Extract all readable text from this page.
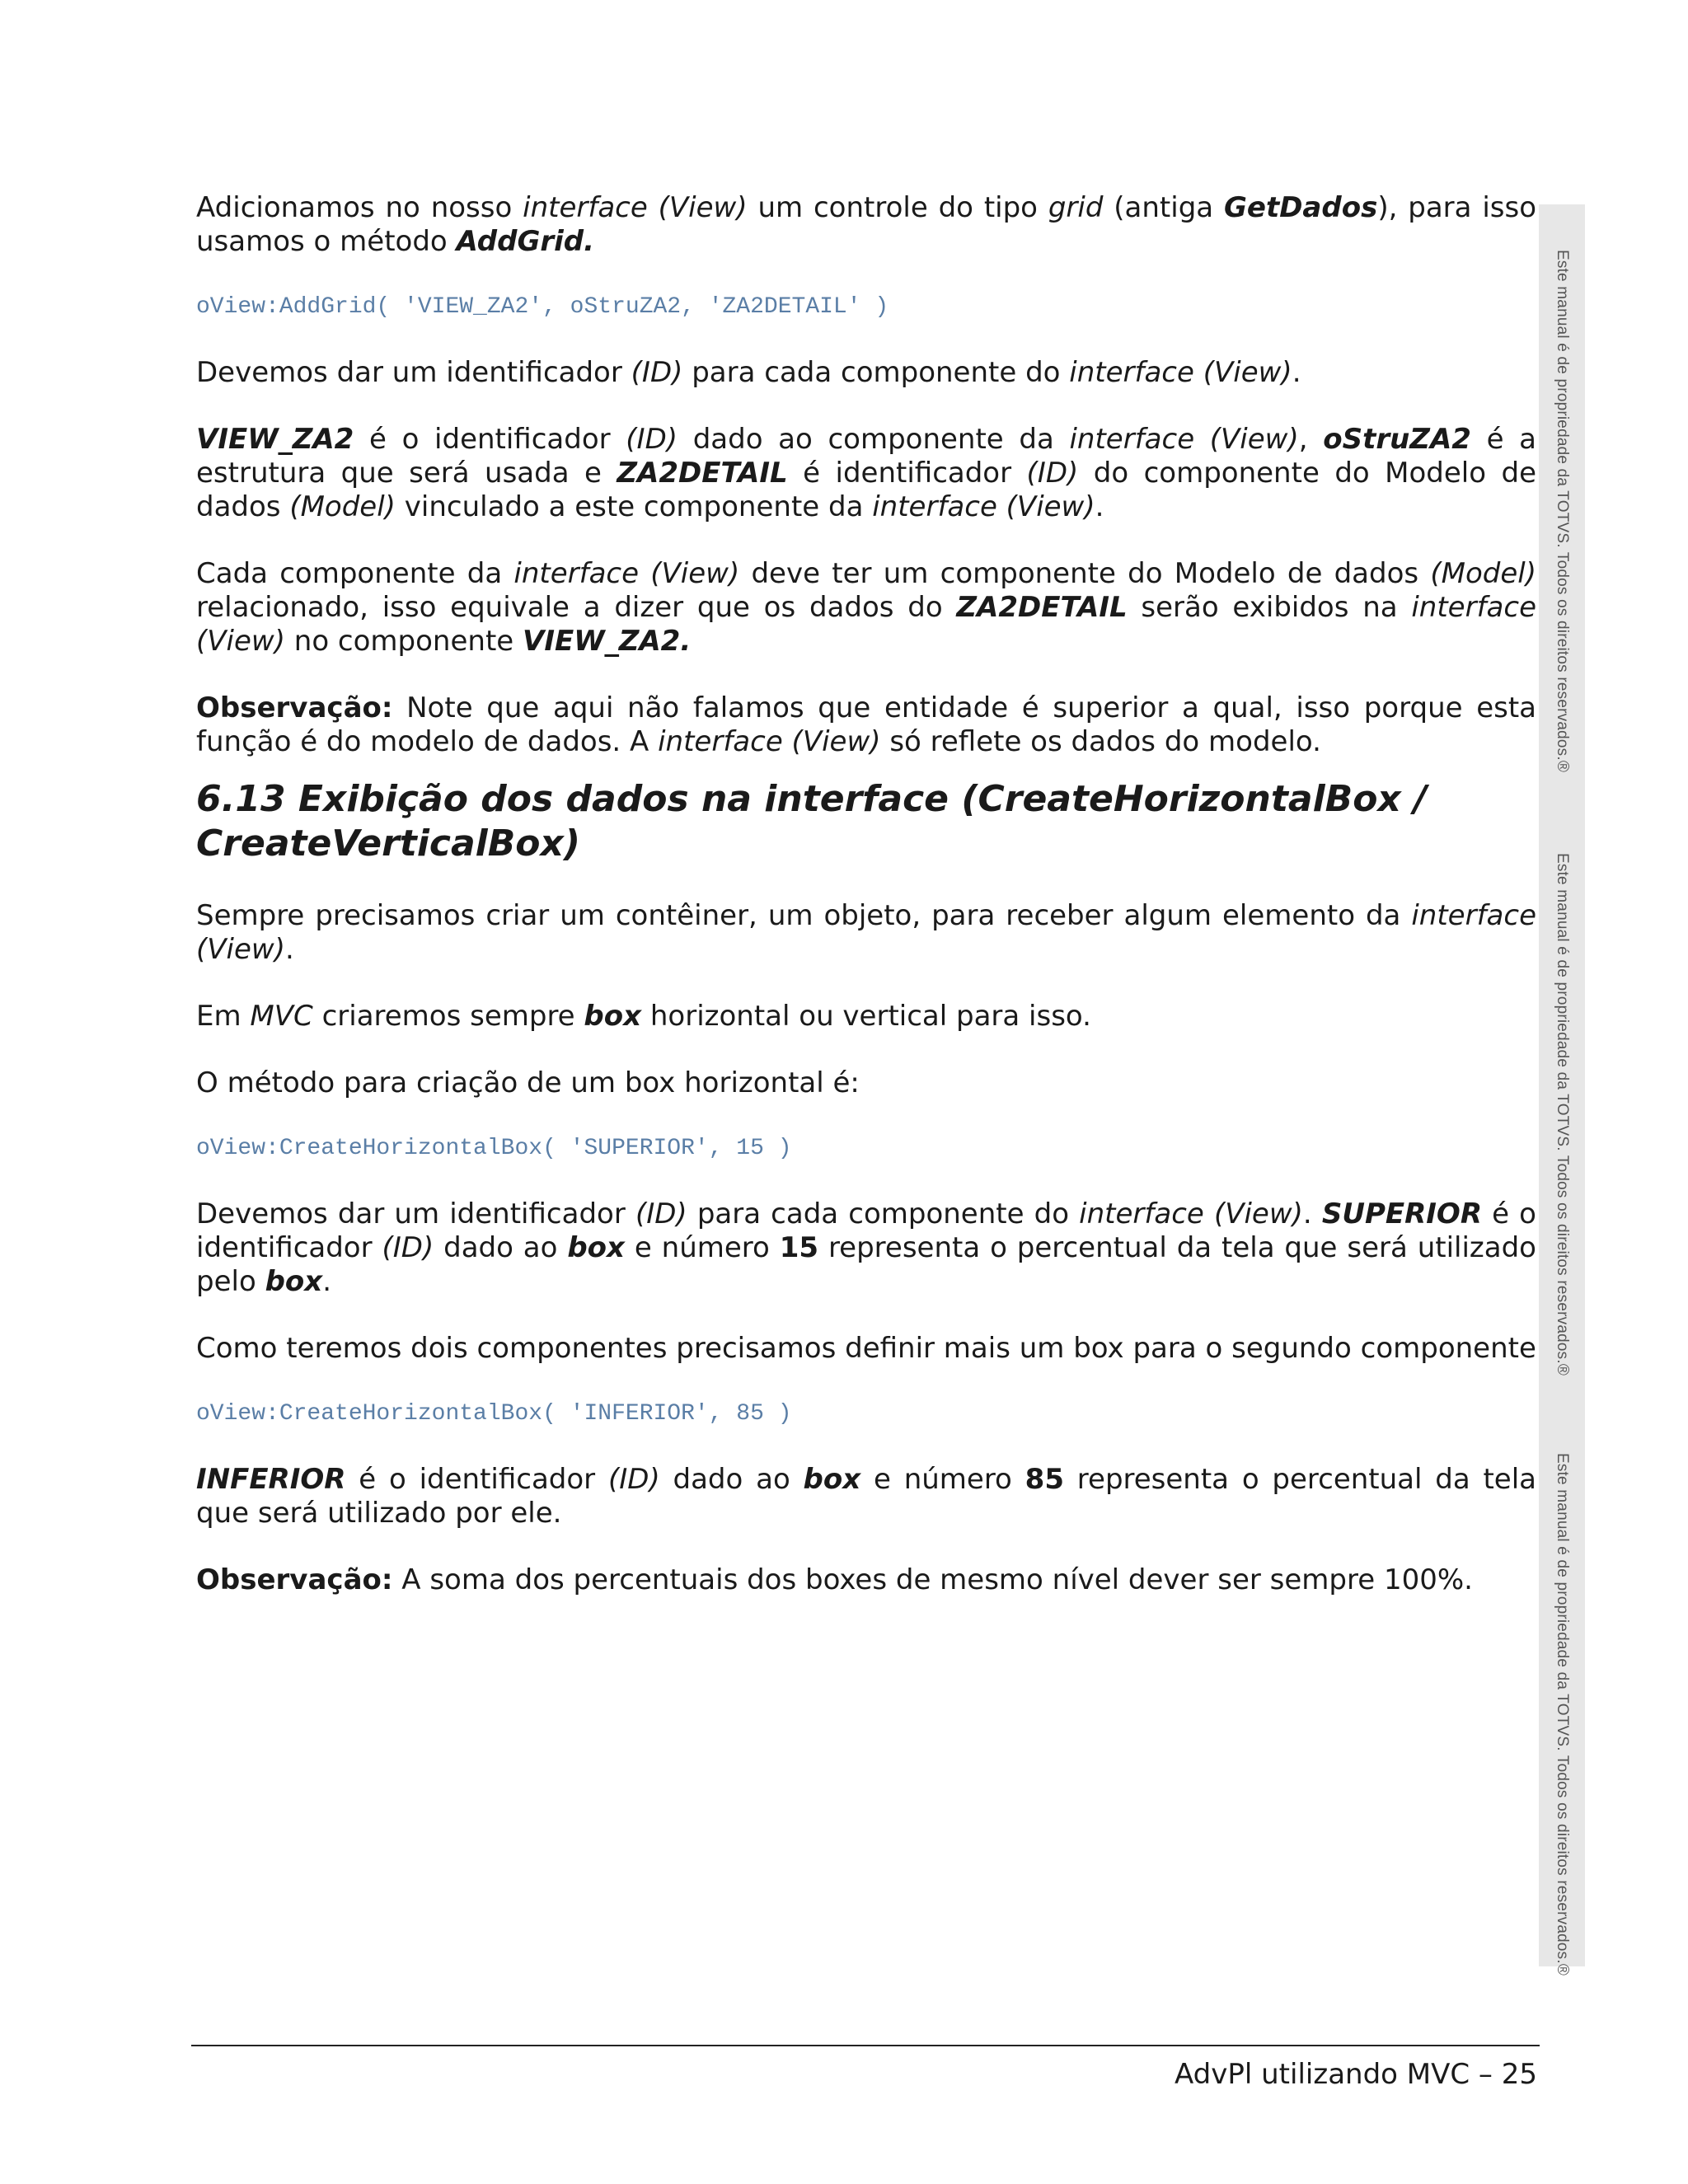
Adicionamos no nosso interface (View) um controle do tipo grid (antiga GetDados), para isso usamos o método AddGrid.

oView:AddGrid( 'VIEW_ZA2', oStruZA2, 'ZA2DETAIL' )

Devemos dar um identificador (ID) para cada componente do interface (View).

VIEW_ZA2 é o identificador (ID) dado ao componente da interface (View), oStruZA2 é a estrutura que será usada e ZA2DETAIL é identificador (ID) do componente do Modelo de dados (Model) vinculado a este componente da interface (View).

Cada componente da interface (View) deve ter um componente do Modelo de dados (Model) relacionado, isso equivale a dizer que os dados do ZA2DETAIL serão exibidos na interface (View) no componente VIEW_ZA2.

Observação: Note que aqui não falamos que entidade é superior a qual, isso porque esta função é do modelo de dados. A interface (View) só reflete os dados do modelo.

6.13 Exibição dos dados na interface (CreateHorizontalBox / CreateVerticalBox)

Sempre precisamos criar um contêiner, um objeto, para receber algum elemento da interface (View).

Em MVC criaremos sempre box horizontal ou vertical para isso.

O método para criação de um box horizontal é:

oView:CreateHorizontalBox( 'SUPERIOR', 15 )

Devemos dar um identificador (ID) para cada componente do interface (View). SUPERIOR é o identificador (ID) dado ao box e número 15 representa o percentual da tela que será utilizado pelo box.

Como teremos dois componentes precisamos definir mais um box para o segundo componente

oView:CreateHorizontalBox( 'INFERIOR', 85 )

INFERIOR é o identificador (ID) dado ao box e número 85 representa o percentual da tela que será utilizado por ele.

Observação: A soma dos percentuais dos boxes de mesmo nível dever ser sempre 100%.

Este manual é de propriedade da TOTVS. Todos os direitos reservados.®
Este manual é de propriedade da TOTVS. Todos os direitos reservados.®
Este manual é de propriedade da TOTVS. Todos os direitos reservados.®
AdvPl utilizando MVC – 25
